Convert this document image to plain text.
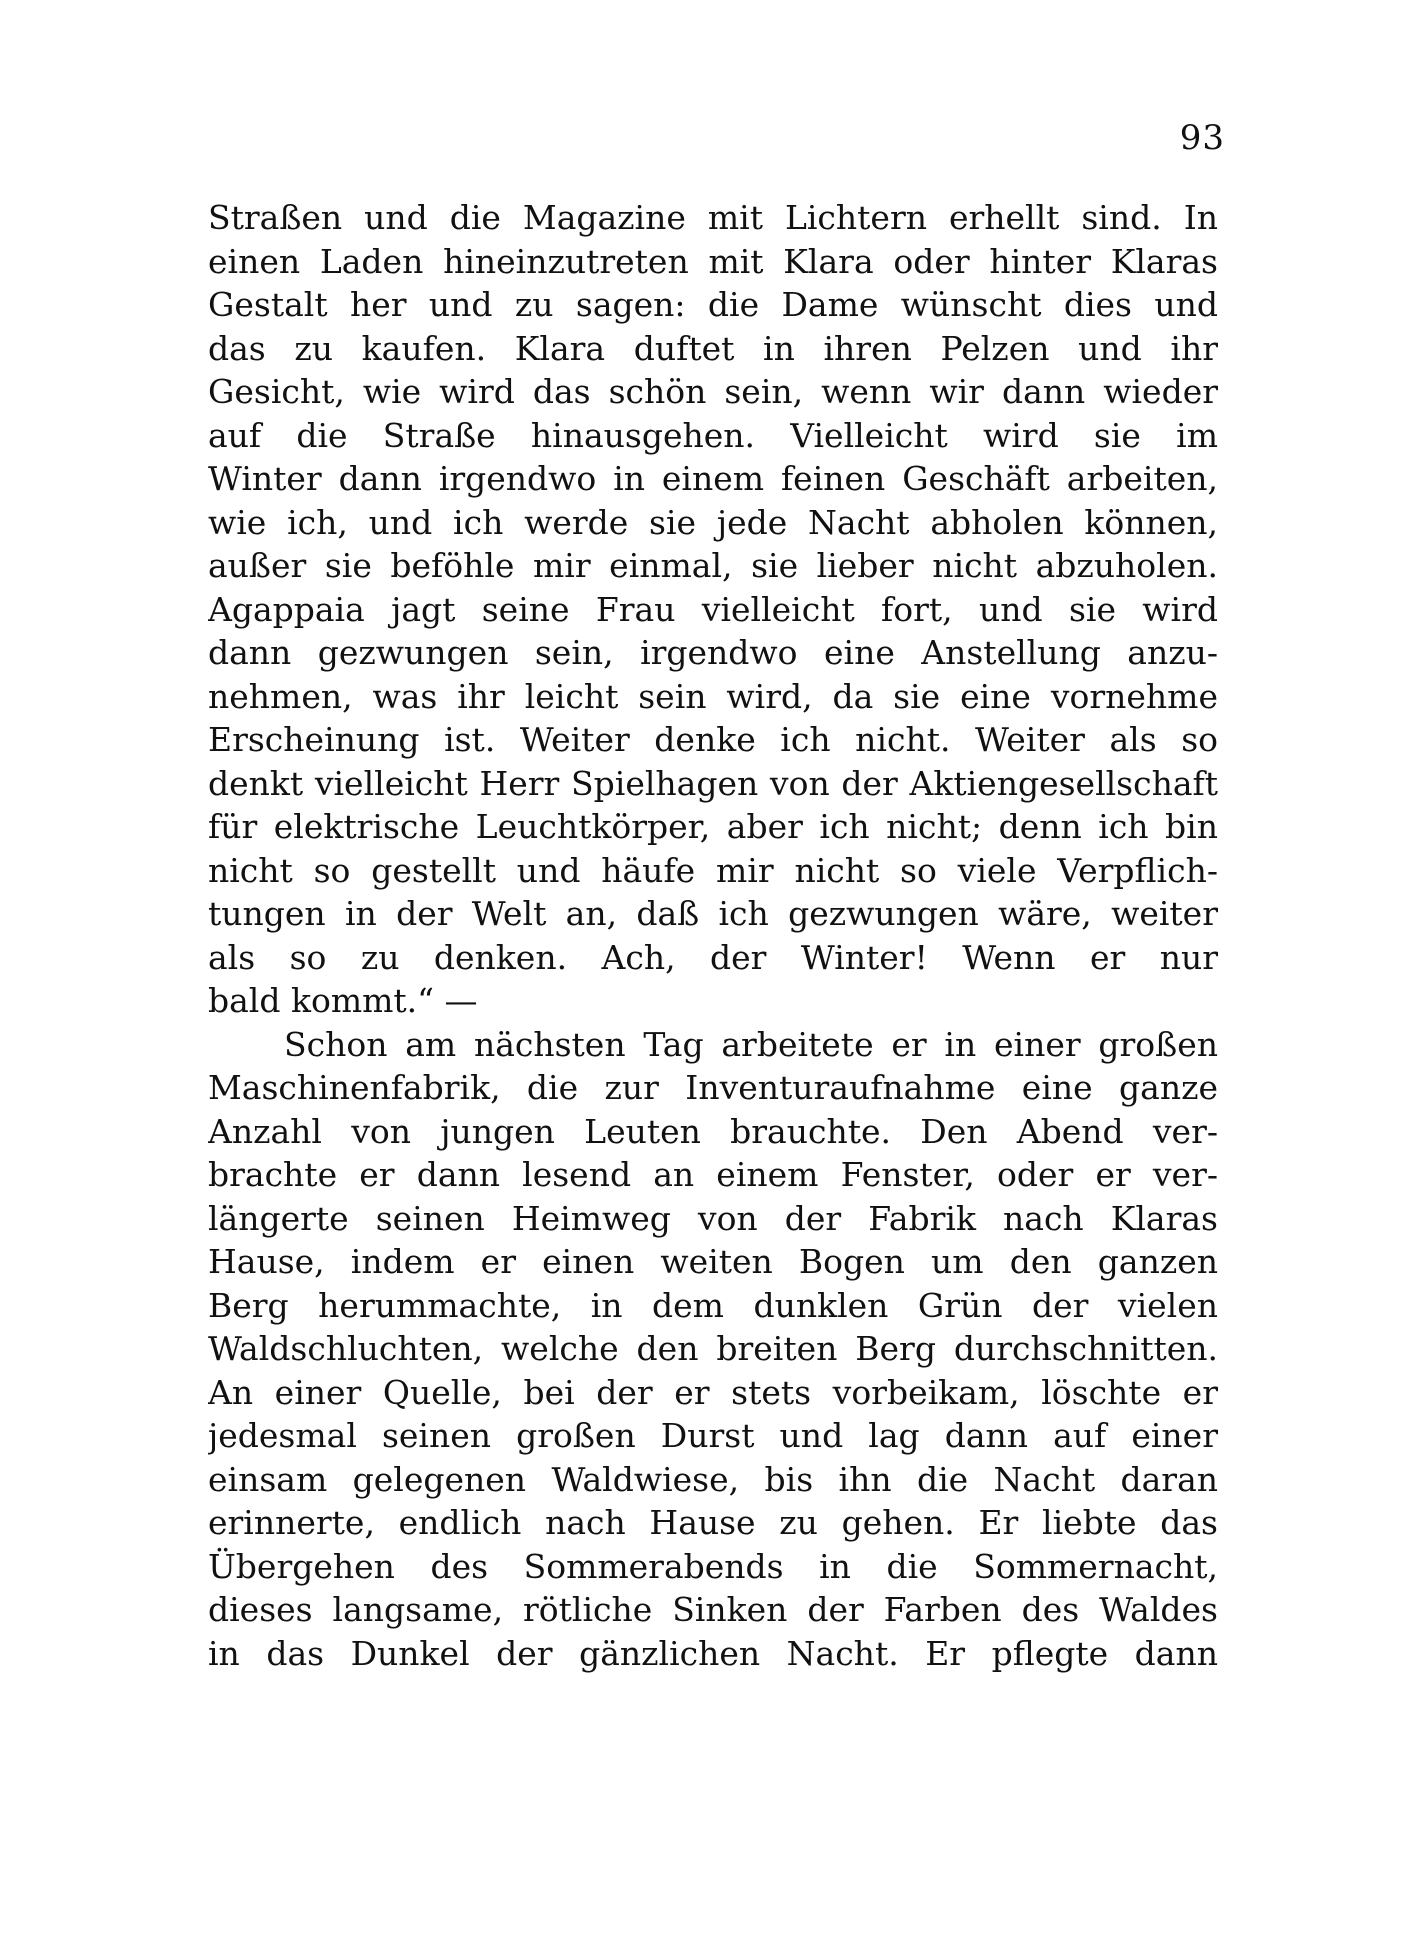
93
Straßen und die Magazine mit Lichtern erhellt sind. In
einen Laden hineinzutreten mit Klara oder hinter Klaras
Gestalt her und zu sagen: die Dame wünscht dies und
das zu kaufen. Klara duftet in ihren Pelzen und ihr
Gesicht, wie wird das schön sein, wenn wir dann wieder
auf die Straße hinausgehen. Vielleicht wird sie im
Winter dann irgendwo in einem feinen Geschäft arbeiten,
wie ich, und ich werde sie jede Nacht abholen können,
außer sie beföhle mir einmal, sie lieber nicht abzuholen.
Agappaia jagt seine Frau vielleicht fort, und sie wird
dann gezwungen sein, irgendwo eine Anstellung anzu-
nehmen, was ihr leicht sein wird, da sie eine vornehme
Erscheinung ist. Weiter denke ich nicht. Weiter als so
denkt vielleicht Herr Spielhagen von der Aktiengesellschaft
für elektrische Leuchtkörper, aber ich nicht; denn ich bin
nicht so gestellt und häufe mir nicht so viele Verpflich-
tungen in der Welt an, daß ich gezwungen wäre, weiter
als so zu denken. Ach, der Winter! Wenn er nur
bald kommt.“ —
Schon am nächsten Tag arbeitete er in einer großen
Maschinenfabrik, die zur Inventuraufnahme eine ganze
Anzahl von jungen Leuten brauchte. Den Abend ver-
brachte er dann lesend an einem Fenster, oder er ver-
längerte seinen Heimweg von der Fabrik nach Klaras
Hause, indem er einen weiten Bogen um den ganzen
Berg herummachte, in dem dunklen Grün der vielen
Waldschluchten, welche den breiten Berg durchschnitten.
An einer Quelle, bei der er stets vorbeikam, löschte er
jedesmal seinen großen Durst und lag dann auf einer
einsam gelegenen Waldwiese, bis ihn die Nacht daran
erinnerte, endlich nach Hause zu gehen. Er liebte das
Übergehen des Sommerabends in die Sommernacht,
dieses langsame, rötliche Sinken der Farben des Waldes
in das Dunkel der gänzlichen Nacht. Er pflegte dann
